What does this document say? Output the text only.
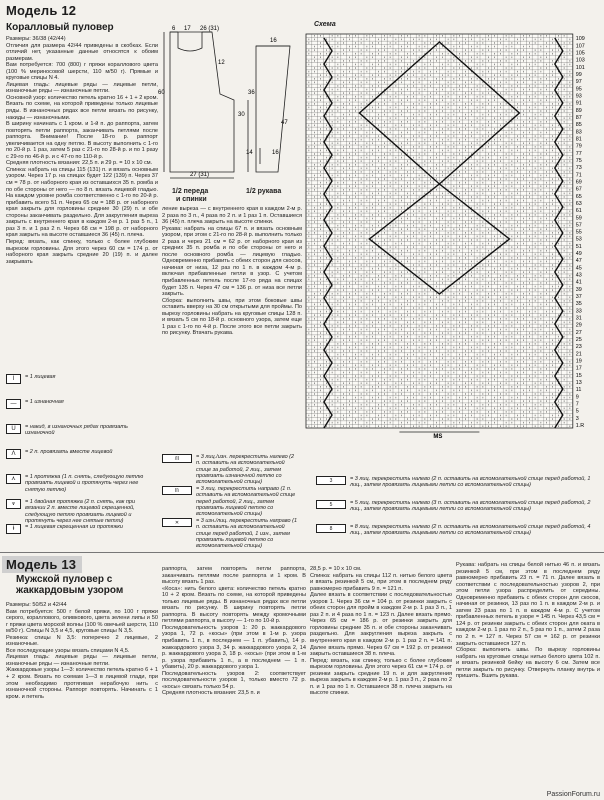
Модель 12
Коралловый пуловер

Размеры: 36/38 (42/44)

Отличия для размера 42/44 приведены в скобках. Если отличий нет, указанные данные относятся к обоим размерам.

Вам потребуется: 700 (800) г пряжи кораллового цвета (100 % мериносовой шерсти, 110 м/50 г). Прямые и круговые спицы N 4.

Лицевая гладь: лицевые ряды — лицевые петли, изнаночные ряды — изнаночные петли.

Основной узор: количество петель кратно 16 + 1 + 2 кром. Вязать по схеме, на которой приведены только лицевые ряды. В изнаночных рядах все петли вязать по рисунку, накиды — изнаночными.

В ширину начинать с 1 кром. и 1-й п. до раппорта, затем повторять петли раппорта, заканчивать петлями после раппорта. Внимание! После 18-го р. раппорт увеличивается на одну петлю. В высоту выполнить с 1-го по 20-й р. 1 раз, затем 5 раз с 21-го по 28-й р. и по 1 разу с 29-го по 46-й р. и с 47-го по 110-й р.

Средняя плотность вязания: 22,5 п. и 29 р. = 10 х 10 см.

Спинка: набрать на спицы 115 (131) п. и вязать основным узором. Через 17 р. на спицах будет 122 (139) п. Через 37 см = 78 р. от наборного края из оставшихся 35 п. ромба и по обе стороны от него — по 8 п. вязать лицевой гладью. На каждом уровне ромба соответственно с 1-го по 20-й р. прибавить всего 51 п. Через 65 см = 188 р. от наборного края закрыть для горловины средние 30 (29) п. и обе стороны заканчивать раздельно. Для закругления выреза закрыть с внутреннего края в каждом 2-м р. 1 раз 5 п., 1 раз 3 п. и 1 раз 2 п. Через 68 см = 198 р. от наборного края закрыть на высоте оставшиеся 36 (45) п. плеча.

Перед: вязать, как спинку, только с более глубоким вырезом горловины. Для этого через 60 см = 174 р. от наборного края закрыть средние 20 (19) п. и далее закрывать

6 17 26 (31)
60
12
30
47
27 (31)
36
16
14	16
1/2 переда
и спинки
1/2 рукава

ление выреза — с внутреннего края в каждом 2-м р. 2 раза по 3 п., 4 раза по 2 п. и 1 раз 1 п. Оставшиеся 36 (45) п. плеча закрыть на высоте спинки.

Рукава: набрать на спицы 67 п. и вязать основным узором, при этом с 21-го по 28-й р. выполнить только 2 раза и через 21 см = 62 р. от наборного края из средних 35 п. ромба и по обе стороны от него и после основного ромба — лицевую гладью. Одновременно прибавить с обеих сторон для скосов, начиная от низа, 12 раз по 1 п. в каждом 4-м р. включая прибавленные петли в узор. С учетом прибавленных петель после 17-го ряда на спицах будет 135 п. Через 47 см = 136 р. от низа все петли закрыть.

Сборка: выполнить швы, при этом боковые швы оставить вверху на 30 см открытыми для проймы. По вырезу горловины набрать на круговые спицы 128 п. и вязать 5 см по 18-й р. основного узора, затем еще 1 раз с 1-го по 4-й р. После этого все петли закрыть по рисунку. Втачать рукава.

Схема
109
107
105
103
101
99
97
95
93
91
89
87
85
83
81
79
77
75
73
71
69
67
65
63
61
59
57
55
53
51
49
47
45
43
41
39
37
35
33
31
29
27
25
23
21
19
17
15
13
11
9
7
5
3
1.R
MS
I	= 1 лицевая
—	= 1 изнаночная
U	= накид, в изнаночных рядах провязать изнаночной
Λ	= 2 п. провязать вместе лицевой
⋏	= 1 протяжка (1 п. снять, следующую петлю провязать лицевой и протянуть через нее снятую петлю)
⩛	= 1 двойная протяжка (2 п. снять, как при вязании 2 п. вместе лицевой скрещенной, следующую петлю провязать лицевой и протянуть через нее снятые петли)
ⱡ	= 1 лицевая скрещенная из протяжки
/II	= 3 лиц./изн. перекрестить налево (2 п. оставить на вспомогательной спице за работой, 2 лиц., затем провязать изнаночной петлю со вспомогательной спицы)
II\	= 3 лиц. перекрестить направо (1 п. оставить на вспомогательной спице перед работой, 2 лиц., затем провязать лицевой петлю со вспомогательной спицы)
✕	= 3 изн./лиц. перекрестить направо (1 п. оставить на вспомогательной спице перед работой, 1 изн., затем провязать лицевой петлю со вспомогательной спицы)
3	= 3 лиц. перекрестить налево (2 п. оставить на вспомогательной спице перед работой, 1 лиц., затем провязать лицевыми петли со вспомогательной спицы)
5	= 5 лиц. перекрестить налево (3 п. оставить на вспомогательной спице перед работой, 2 лиц., затем провязать лицевыми петли со вспомогательной спицы)
8	= 8 лиц. перекрестить налево (2 п. оставить на вспомогательной спице перед работой, 4 лиц., затем провязать лицевыми петли со вспомогательной спицы)
Модель 13
Мужской пуловер с жаккардовым узором

Размеры: 50/52 и 42/44

Вам потребуется: 500 г белой пряжи, по 100 г пряжи серого, кораллового, оливкового, цвета зелени липы и 50 г пряжи цвета морской волны (100 % овечьей шерсти, 110 м/50 г). Спицы N 3,5 и 4,5, круговые спицы N 3,5.

Резинка: спицы N 3,5: поперечно 2 лицевые, 2 изнаночные.

Все последующие узоры вязать спицами N 4,5.

Лицевая гладь: лицевые ряды — лицевые петли, изнаночные ряды — изнаночные петли.

Жаккардовые узоры 1—3: количество петель кратно 6 + 1 + 2 кром. Вязать по схемам 1—3 в лицевой глади, при этом необходимо протягивая нерабочую нить с изнаночной стороны. Раппорт повторять. Начинать с 1 кром. и петель

раппорта, затем повторять петли раппорта, заканчивать петлями после раппорта и 1 кром. В высоту вязать 1 раз.

«Коса»: нить белого цвета: количество петель кратно 10 + 2 кром. Вязать по схеме, на которой приведены только лицевые ряды. В изнаночных рядах все петли вязать по рисунку. В ширину повторять петли раппорта. В высоту повторять между кромочными петлями раппорта, в высоту — 1-го по 10-й р.

Последовательность узоров 1: 20 р. жаккардового узора 1, 72 р. «косы» (при этом в 1-м р. узора прибавить 1 п., в последнем — 1 п. убавить), 14 р. жаккардового узора 3, 34 р. жаккардового узора 2, 14 р. жаккардового узора 3, 18 р. «косы» (при этом в 1-м р. узора прибавить 1 п., а в последнем — 1 п. убавить), 20 р. жаккардового узора 1.

Последовательность узоров 2: соответствует последовательности узоров 1, только вместо 72 р. «косы» связать только 54 р.

Средняя плотность вязания: 23,5 п. и

28,5 р. = 10 х 10 см.

Спинка: набрать на спицы 112 п. нитью белого цвета и вязать резинкой 5 см, при этом в последнем ряду равномерно прибавить 9 п. = 121 п.

Далее вязать в соответствии с последовательностью узоров 1. Через 36 см = 104 р. от резинки закрыть с обеих сторон для пройм в каждом 2-м р. 1 раз 3 п., 1 раз 2 п. и 4 раза по 1 п. = 123 п. Далее вязать прямо. Через 65 см = 186 р. от резинки закрыть для горловины средние 35 п. и обе стороны заканчивать раздельно. Для закругления выреза закрыть с внутреннего края в каждом 2-м р. 1 раз 2 п. = 141 п. Далее вязать прямо. Через 67 см = 192 р. от резинки закрыть оставшиеся 38 п. плеча.

Перед: вязать, как спинку, только с более глубоким вырезом горловины. Для этого через 61 см = 174 р. от резинки закрыть средние 19 п. и для закругления выреза закрыть в каждом 2-м р. 1 раз 3 п., 2 раза по 2 п. и 1 раз по 1 п. Оставшиеся 38 п. плеча закрыть на высоте спинки.

Рукава: набрать на спицы белой нитью 46 п. и вязать резинкой 5 см, при этом в последнем ряду равномерно прибавить 23 п. = 71 п. Далее вязать в соответствии с последовательностью узоров 2, при этом петли узора распределить от середины. Одновременно прибавить с обеих сторон для скосов, начиная от резинки, 13 раз по 1 п. в каждом 2-м р. и затем 23 раза по 1 п. в каждом 4-м р. С учетом прибавленных петель в узоре = 145 п. Через 43,5 см = 124 р. от резинки закрыть с обеих сторон для оката в каждом 2-м р. 1 раз по 2 п., 5 раз по 1 п., затем 2 раза по 2 п. = 127 п. Через 57 см = 162 р. от резинки закрыть оставшиеся 127 п.

Сборка: выполнить швы. По вырезу горловины набрать на круговые спицы нитью белого цвета 102 п. и вязать резинкой 6ейку на высоту 6 см. Затем все петли закрыть по рисунку. Отвернуть планку внутрь и пришить. Вшить рукава.

PassionForum.ru
